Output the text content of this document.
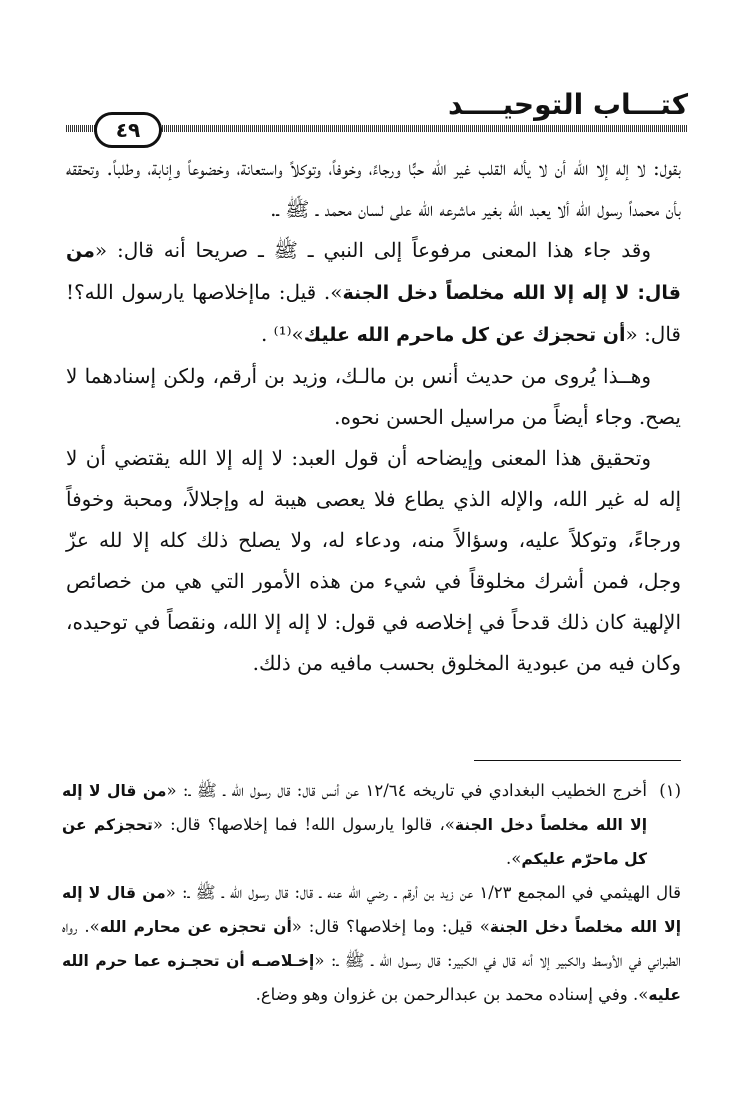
كتـــاب التوحيــــد
٤٩

بقول: لا إله إلا الله أن لا يأله القلب غير الله حبًّا ورجاءً، وخوفاً، وتوكلاً واستعانة، وخضوعاً وإنابة، وطلباً. وتحققه بأن محمداً رسول الله ألا يعبد الله بغير ماشرعه الله على لسان محمد ـ ﷺ ـ.

وقد جاء هذا المعنى مرفوعاً إلى النبي ـ ﷺ ـ صريحا أنه قال: «من قال: لا إله إلا الله مخلصاً دخل الجنة». قيل: ماإخلاصها يارسول الله؟! قال: «أن تحجزك عن كل ماحرم الله عليك»⁽¹⁾ .

وهــذا يُروى من حديث أنس بن مالـك، وزيد بن أرقم، ولكن إسنادهما لا يصح. وجاء أيضاً من مراسيل الحسن نحوه.

وتحقيق هذا المعنى وإيضاحه أن قول العبد: لا إله إلا الله يقتضي أن لا إله له غير الله، والإله الذي يطاع فلا يعصى هيبة له وإجلالاً، ومحبة وخوفاً ورجاءً، وتوكلاً عليه، وسؤالاً منه، ودعاء له، ولا يصلح ذلك كله إلا لله عزّ وجل، فمن أشرك مخلوقاً في شيء من هذه الأمور التي هي من خصائص الإلهية كان ذلك قدحاً في إخلاصه في قول: لا إله إلا الله، ونقصاً في توحيده، وكان فيه من عبودية المخلوق بحسب مافيه من ذلك.

(١)
أخرج الخطيب البغدادي في تاريخه ١٢/٦٤ عن أنس قال: قال رسول الله ـ ﷺ ـ: «من قال لا إله إلا الله مخلصاً دخل الجنة»، قالوا يارسول الله! فما إخلاصها؟ قال: «تحجزكم عن كل ماحرّم عليكم».

قال الهيثمي في المجمع ١/٢٣ عن زيد بن أرقم ـ رضي الله عنه ـ قال: قال رسول الله ـ ﷺ ـ: «من قال لا إله إلا الله مخلصاً دخل الجنة» قيل: وما إخلاصها؟ قال: «أن تحجزه عن محارم الله». رواه الطبراني في الأوسط والكبير إلا أنه قال في الكبير: قال رسـول الله ـ ﷺ ـ: «إخـلاصـه أن تحجـزه عما حرم الله عليه». وفي إسناده محمد بن عبدالرحمن بن غزوان وهو وضاع.
